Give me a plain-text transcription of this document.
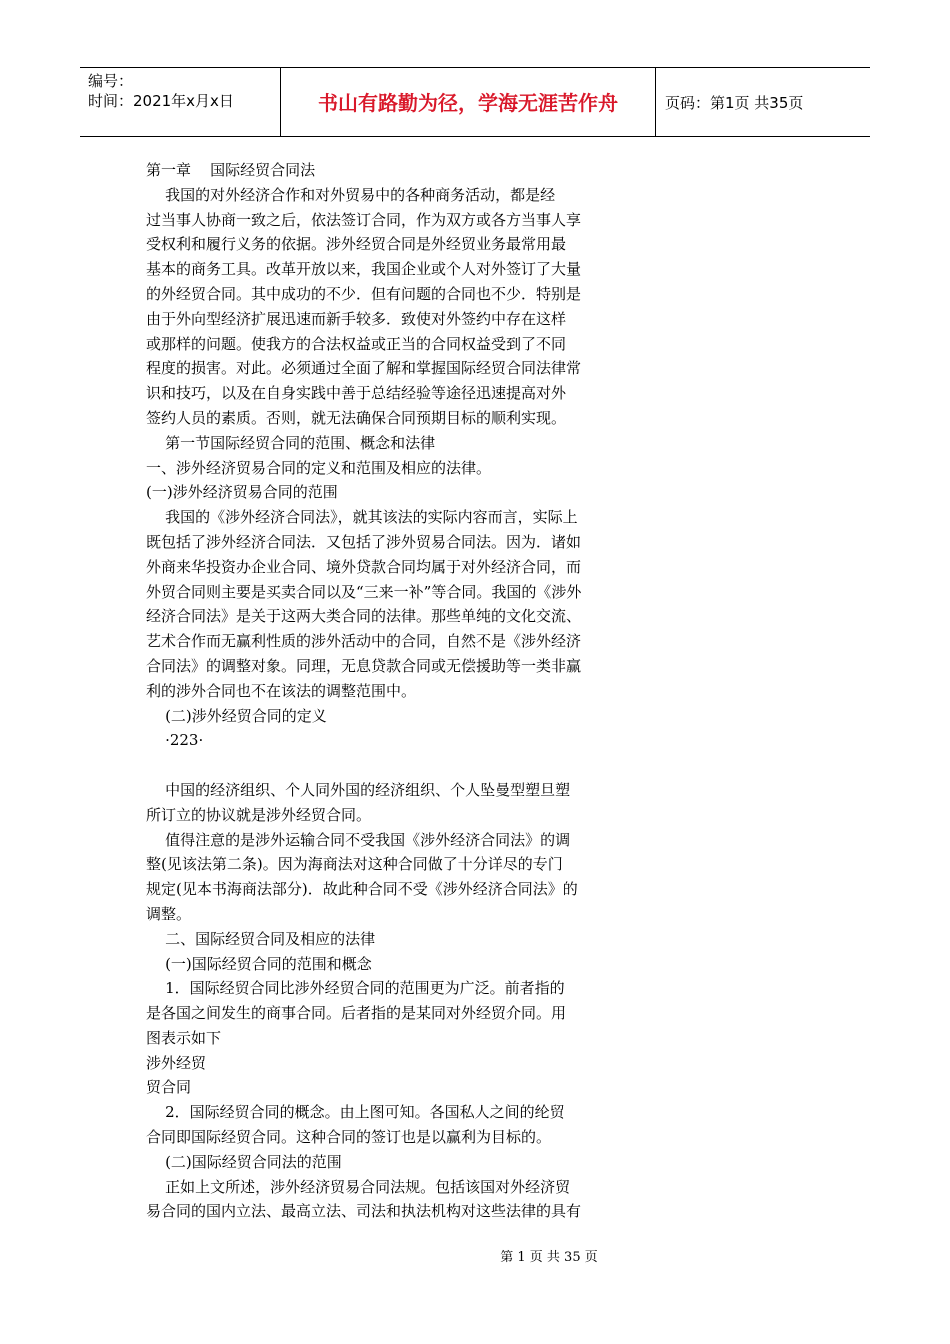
编号：
时间：2021年x月x日	书山有路勤为径，学海无涯苦作舟	页码：第1页 共35页
第一章    国际经贸合同法
我国的对外经济合作和对外贸易中的各种商务活动，都是经
过当事人协商一致之后，依法签订合同，作为双方或各方当事人享
受权利和履行义务的依据。涉外经贸合同是外经贸业务最常用最
基本的商务工具。改革开放以来，我国企业或个人对外签订了大量
的外经贸合同。其中成功的不少．但有问题的合同也不少．特别是
由于外向型经济扩展迅速而新手较多．致使对外签约中存在这样
或那样的问题。使我方的合法权益或正当的合同权益受到了不同
程度的损害。对此。必须通过全面了解和掌握国际经贸合同法律常
识和技巧，以及在自身实践中善于总结经验等途径迅速提高对外
签约人员的素质。否则，就无法确保合同预期目标的顺利实现。
第一节国际经贸合同的范围、概念和法律
一、涉外经济贸易合同的定义和范围及相应的法律。
(一)涉外经济贸易合同的范围
我国的《涉外经济合同法》，就其该法的实际内容而言，实际上
既包括了涉外经济合同法．又包括了涉外贸易合同法。因为．诸如
外商来华投资办企业合同、境外贷款合同均属于对外经济合同，而
外贸合同则主要是买卖合同以及“三来一补”等合同。我国的《涉外
经济合同法》是关于这两大类合同的法律。那些单纯的文化交流、
艺术合作而无赢利性质的涉外活动中的合同，自然不是《涉外经济
合同法》的调整对象。同理，无息贷款合同或无偿援助等一类非赢
利的涉外合同也不在该法的调整范围中。
(二)涉外经贸合同的定义
·223·
中国的经济组织、个人同外国的经济组织、个人坠曼型塑旦塑
所订立的协议就是涉外经贸合同。
值得注意的是涉外运输合同不受我国《涉外经济合同法》的调
整(见该法第二条)。因为海商法对这种合同做了十分详尽的专门
规定(见本书海商法部分)．故此种合同不受《涉外经济合同法》的
调整。
二、国际经贸合同及相应的法律
(一)国际经贸合同的范围和概念
1．国际经贸合同比涉外经贸合同的范围更为广泛。前者指的
是各国之间发生的商事合同。后者指的是某同对外经贸介同。用
图表示如下
涉外经贸
贸合同
2．国际经贸合同的概念。由上图可知。各国私人之间的纶贸
合同即国际经贸合同。这种合同的签订也是以赢利为目标的。
(二)国际经贸合同法的范围
正如上文所述，涉外经济贸易合同法规。包括该国对外经济贸
易合同的国内立法、最高立法、司法和执法机构对这些法律的具有
第 1 页 共 35 页
